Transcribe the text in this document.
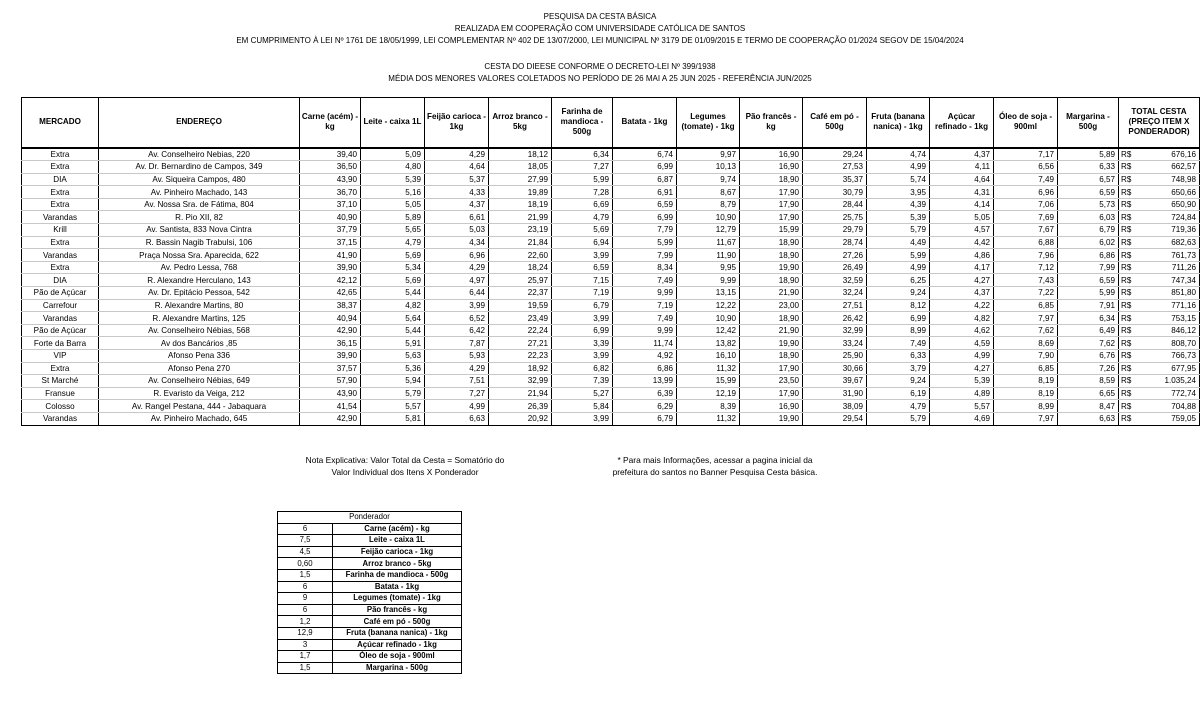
PESQUISA DA CESTA BÁSICA
REALIZADA EM COOPERAÇÃO COM UNIVERSIDADE CATÓLICA DE SANTOS
EM CUMPRIMENTO À LEI Nº 1761 DE 18/05/1999, LEI COMPLEMENTAR Nº 402 DE 13/07/2000, LEI MUNICIPAL Nº 3179 DE 01/09/2015 E TERMO DE COOPERAÇÃO 01/2024 SEGOV DE 15/04/2024
CESTA DO DIEESE CONFORME O DECRETO-LEI Nº 399/1938
MÉDIA DOS MENORES VALORES COLETADOS NO PERÍODO DE 26 MAI A 25 JUN 2025 - REFERÊNCIA JUN/2025
MERCADO	ENDEREÇO	Carne (acém) - kg	Leite - caixa 1L	Feijão carioca - 1kg	Arroz branco - 5kg	Farinha de mandioca - 500g	Batata - 1kg	Legumes (tomate) - 1kg	Pão francês - kg	Café em pó - 500g	Fruta (banana nanica) - 1kg	Açúcar refinado - 1kg	Óleo de soja - 900ml	Margarina - 500g	TOTAL CESTA (PREÇO ITEM X PONDERADOR)	
Extra	Av. Conselheiro Nebias, 220	39,40	5,09	4,29	18,12	6,34	6,74	9,97	16,90	29,24	4,74	4,37	7,17	5,89	R$	676,16
Extra	Av. Dr. Bernardino de Campos, 349	36,50	4,80	4,64	18,05	7,27	6,99	10,13	16,90	27,53	4,99	4,11	6,56	6,33	R$	662,57
DIA	Av. Siqueira Campos, 480	43,90	5,39	5,37	27,99	5,99	6,87	9,74	18,90	35,37	5,74	4,64	7,49	6,57	R$	748,98
Extra	Av. Pinheiro Machado, 143	36,70	5,16	4,33	19,89	7,28	6,91	8,67	17,90	30,79	3,95	4,31	6,96	6,59	R$	650,66
Extra	Av. Nossa Sra. de Fátima, 804	37,10	5,05	4,37	18,19	6,69	6,59	8,79	17,90	28,44	4,39	4,14	7,06	5,73	R$	650,90
Varandas	R. Pio XII, 82	40,90	5,89	6,61	21,99	4,79	6,99	10,90	17,90	25,75	5,39	5,05	7,69	6,03	R$	724,84
Krill	Av. Santista, 833 Nova Cintra	37,79	5,65	5,03	23,19	5,69	7,79	12,79	15,99	29,79	5,79	4,57	7,67	6,79	R$	719,36
Extra	R. Bassin Nagib Trabulsi, 106	37,15	4,79	4,34	21,84	6,94	5,99	11,67	18,90	28,74	4,49	4,42	6,88	6,02	R$	682,63
Varandas	Praça Nossa Sra. Aparecida, 622	41,90	5,69	6,96	22,60	3,99	7,99	11,90	18,90	27,26	5,99	4,86	7,96	6,86	R$	761,73
Extra	Av. Pedro Lessa, 768	39,90	5,34	4,29	18,24	6,59	8,34	9,95	19,90	26,49	4,99	4,17	7,12	7,99	R$	711,26
DIA	R. Alexandre Herculano, 143	42,12	5,69	4,97	25,97	7,15	7,49	9,99	18,90	32,59	6,25	4,27	7,43	6,59	R$	747,34
Pão de Açúcar	Av. Dr. Epitácio Pessoa, 542	42,65	5,44	6,44	22,37	7,19	9,99	13,15	21,90	32,24	9,24	4,37	7,22	5,99	R$	851,80
Carrefour	R. Alexandre Martins, 80	38,37	4,82	3,99	19,59	6,79	7,19	12,22	23,00	27,51	8,12	4,22	6,85	7,91	R$	771,16
Varandas	R. Alexandre Martins, 125	40,94	5,64	6,52	23,49	3,99	7,49	10,90	18,90	26,42	6,99	4,82	7,97	6,34	R$	753,15
Pão de Açúcar	Av. Conselheiro Nébias, 568	42,90	5,44	6,42	22,24	6,99	9,99	12,42	21,90	32,99	8,99	4,62	7,62	6,49	R$	846,12
Forte da Barra	Av dos Bancários ,85	36,15	5,91	7,87	27,21	3,39	11,74	13,82	19,90	33,24	7,49	4,59	8,69	7,62	R$	808,70
VIP	Afonso Pena 336	39,90	5,63	5,93	22,23	3,99	4,92	16,10	18,90	25,90	6,33	4,99	7,90	6,76	R$	766,73
Extra	Afonso Pena 270	37,57	5,36	4,29	18,92	6,82	6,86	11,32	17,90	30,66	3,79	4,27	6,85	7,26	R$	677,95
St Marché	Av. Conselheiro Nébias, 649	57,90	5,94	7,51	32,99	7,39	13,99	15,99	23,50	39,67	9,24	5,39	8,19	8,59	R$	1.035,24
Fransue	R. Evaristo da Veiga, 212	43,90	5,79	7,27	21,94	5,27	6,39	12,19	17,90	31,90	6,19	4,89	8,19	6,65	R$	772,74
Colosso	Av. Rangel Pestana, 444 - Jabaquara	41,54	5,57	4,99	26,39	5,84	6,29	8,39	16,90	38,09	4,79	5,57	8,99	8,47	R$	704,88
Varandas	Av. Pinheiro Machado, 645	42,90	5,81	6,63	20,92	3,99	6,79	11,32	19,90	29,54	5,79	4,69	7,97	6,63	R$	759,05
Nota Explicativa: Valor Total da Cesta = Somatório do
Valor Individual dos Itens X Ponderador
* Para mais Informações, acessar a pagina inicial da
prefeitura do santos no Banner Pesquisa Cesta básica.
Ponderador	
6	Carne (acém) - kg
7,5	Leite - caixa 1L
4,5	Feijão carioca - 1kg
0,60	Arroz branco - 5kg
1,5	Farinha de mandioca - 500g
6	Batata - 1kg
9	Legumes (tomate) - 1kg
6	Pão francês - kg
1,2	Café em pó - 500g
12,9	Fruta (banana nanica) - 1kg
3	Açúcar refinado - 1kg
1,7	Óleo de soja - 900ml
1,5	Margarina - 500g
